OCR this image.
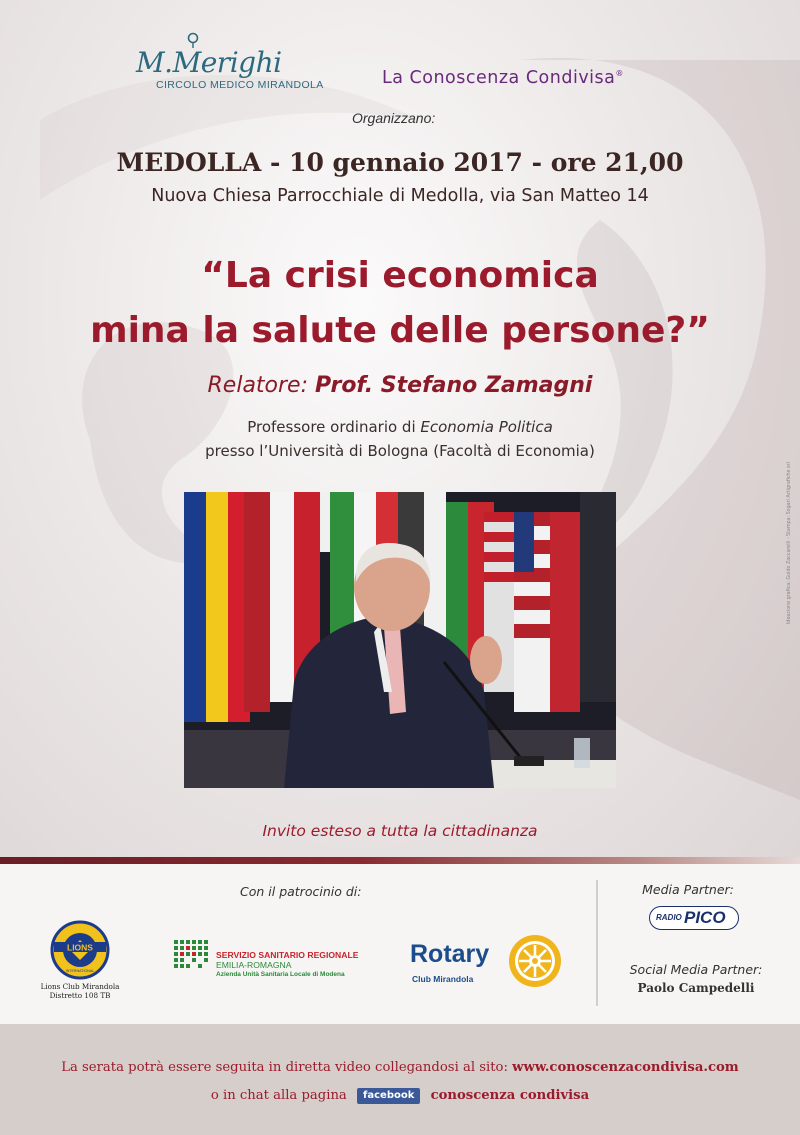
M.Merighi
CIRCOLO MEDICO MIRANDOLA	La Conoscenza Condivisa®
Organizzano:
MEDOLLA - 10 gennaio 2017 - ore 21,00
Nuova Chiesa Parrocchiale di Medolla, via San Matteo 14
“La crisi economica
mina la salute delle persone?”
Relatore: Prof. Stefano Zamagni
Professore ordinario di Economia Politica
presso l’Università di Bologna (Facoltà di Economia)
Ideazione grafica: Guido Zaccarelli - Stampa: Sogari Artigrafiche srl
Invito esteso a tutta la cittadinanza
Con il patrocinio di:
LIONS
INTERNATIONAL
Lions Club Mirandola
Distretto 108 TB
SERVIZIO SANITARIO REGIONALE
EMILIA-ROMAGNA
Azienda Unità Sanitaria Locale di Modena
Rotary
Club Mirandola
Media Partner:
RADIO PICO
Social Media Partner:
Paolo Campedelli
La serata potrà essere seguita in diretta video collegandosi al sito: www.conoscenzacondivisa.com
o in chat alla pagina facebook conoscenza condivisa
